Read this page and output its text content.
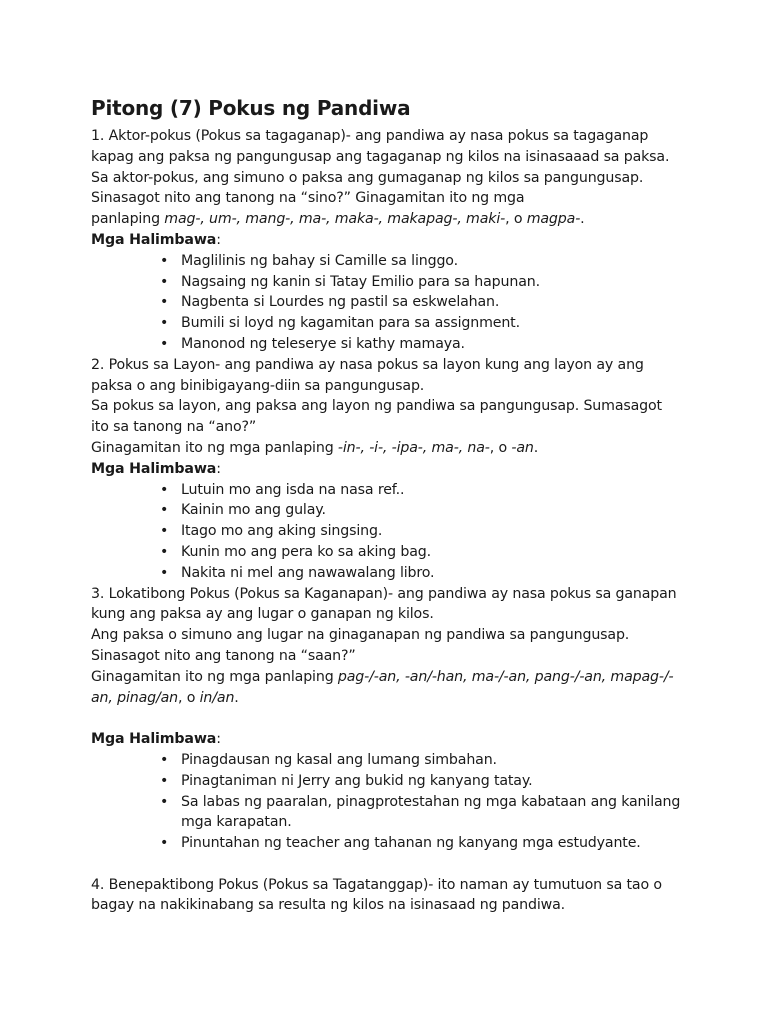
Pitong (7) Pokus ng Pandiwa

1. Aktor-pokus (Pokus sa tagaganap)- ang pandiwa ay nasa pokus sa tagaganap kapag ang paksa ng pangungusap ang tagaganap ng kilos na isinasaaad sa paksa.

Sa aktor-pokus, ang simuno o paksa ang gumaganap ng kilos sa pangungusap.

Sinasagot nito ang tanong na “sino?” Ginagamitan ito ng mga

panlaping mag-, um-, mang-, ma-, maka-, makapag-, maki-, o magpa-.

Mga Halimbawa:

• Maglilinis ng bahay si Camille sa linggo.
• Nagsaing ng kanin si Tatay Emilio para sa hapunan.
• Nagbenta si Lourdes ng pastil sa eskwelahan.
• Bumili si loyd ng kagamitan para sa assignment.
• Manonod ng teleserye si kathy mamaya.

2. Pokus sa Layon- ang pandiwa ay nasa pokus sa layon kung ang layon ay ang paksa o ang binibigayang-diin sa pangungusap.

Sa pokus sa layon, ang paksa ang layon ng pandiwa sa pangungusap. Sumasagot ito sa tanong na “ano?”

Ginagamitan ito ng mga panlaping -in-, -i-, -ipa-, ma-, na-, o -an.

Mga Halimbawa:

• Lutuin mo ang isda na nasa ref..
• Kainin mo ang gulay.
• Itago mo ang aking singsing.
• Kunin mo ang pera ko sa aking bag.
• Nakita ni mel ang nawawalang libro.

3. Lokatibong Pokus (Pokus sa Kaganapan)- ang pandiwa ay nasa pokus sa ganapan kung ang paksa ay ang lugar o ganapan ng kilos.

Ang paksa o simuno ang lugar na ginaganapan ng pandiwa sa pangungusap. Sinasagot nito ang tanong na “saan?”

Ginagamitan ito ng mga panlaping pag-/-an, -an/-han, ma-/-an, pang-/-an, mapag-/-an, pinag/an, o in/an.

Mga Halimbawa:

• Pinagdausan ng kasal ang lumang simbahan.
• Pinagtaniman ni Jerry ang bukid ng kanyang tatay.
• Sa labas ng paaralan, pinagprotestahan ng mga kabataan ang kanilang mga karapatan.
• Pinuntahan ng teacher ang tahanan ng kanyang mga estudyante.

4. Benepaktibong Pokus (Pokus sa Tagatanggap)- ito naman ay tumutuon sa tao o bagay na nakikinabang sa resulta ng kilos na isinasaad ng pandiwa.
